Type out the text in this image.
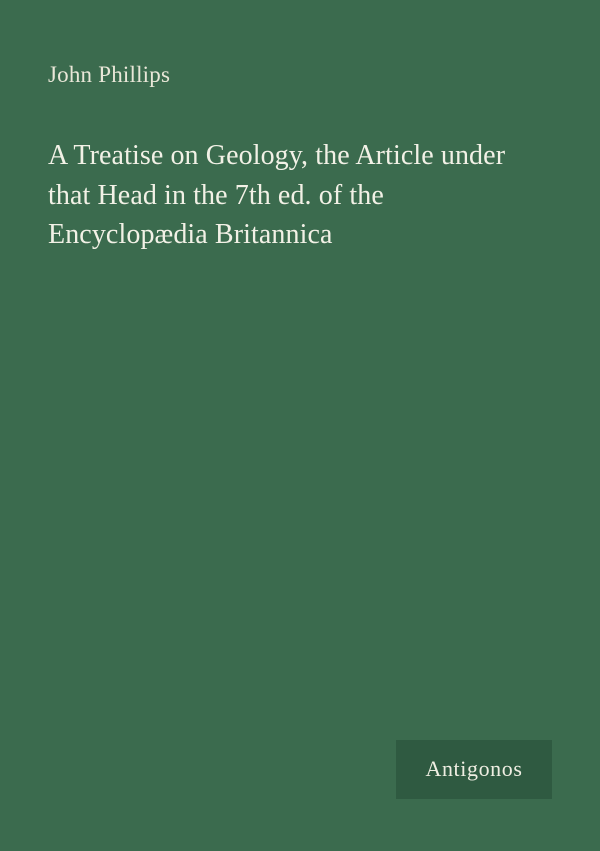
John Phillips
A Treatise on Geology, the Article under that Head in the 7th ed. of the Encyclopædia Britannica
Antigonos
